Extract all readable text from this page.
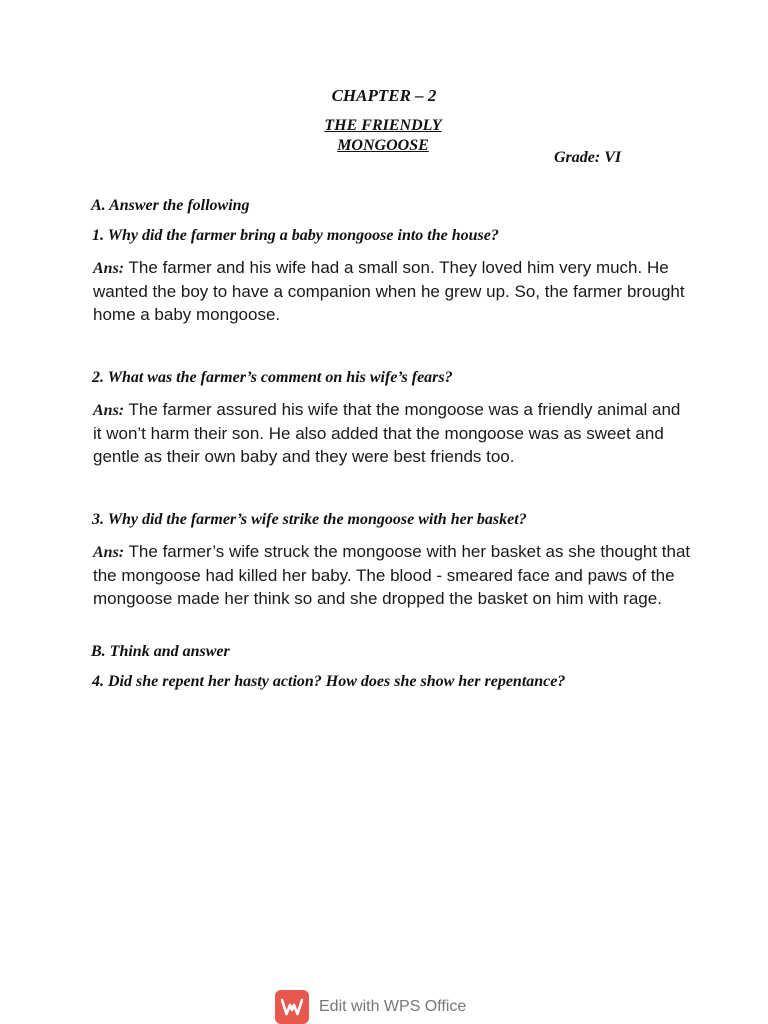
CHAPTER – 2
THE FRIENDLY
MONGOOSE
Grade: VI
A. Answer the following
1. Why did the farmer bring a baby mongoose into the house?
Ans: The farmer and his wife had a small son. They loved him very much. He wanted the boy to have a companion when he grew up. So, the farmer brought home a baby mongoose.
2. What was the farmer’s comment on his wife’s fears?
Ans: The farmer assured his wife that the mongoose was a friendly animal and it won’t harm their son. He also added that the mongoose was as sweet and gentle as their own baby and they were best friends too.
3. Why did the farmer’s wife strike the mongoose with her basket?
Ans: The farmer’s wife struck the mongoose with her basket as she thought that the mongoose had killed her baby. The blood - smeared face and paws of the mongoose made her think so and she dropped the basket on him with rage.
B. Think and answer
4. Did she repent her hasty action? How does she show her repentance?
Edit with WPS Office
